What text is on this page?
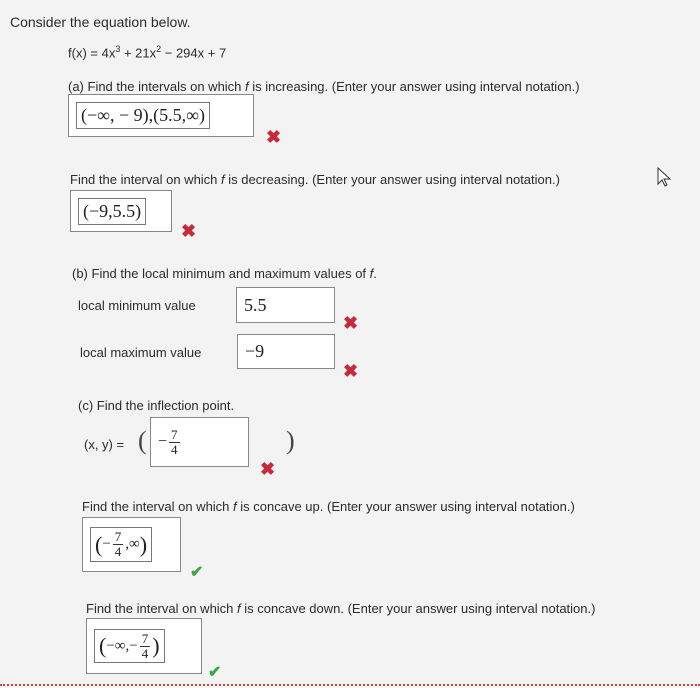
Consider the equation below.
$f(x) = 4x^3 + 21x^2 - 294x + 7$
(a) Find the intervals on which f is increasing. (Enter your answer using interval notation.)
(−∞, − 9),(5.5,∞)
✖
Find the interval on which f is decreasing. (Enter your answer using interval notation.)
(−9,5.5)
✖
(b) Find the local minimum and maximum values of f.
local minimum value	5.5
✖
local maximum value −9
✖
(c) Find the inflection point.
(x, y) = ( − $\frac{7}{4}$	)
✖
Find the interval on which f is concave up. (Enter your answer using interval notation.)
( − $\frac{7}{4}$ ,∞ )
✔
Find the interval on which f is concave down. (Enter your answer using interval notation.)
( −∞, − $\frac{7}{4}$ )
✔
